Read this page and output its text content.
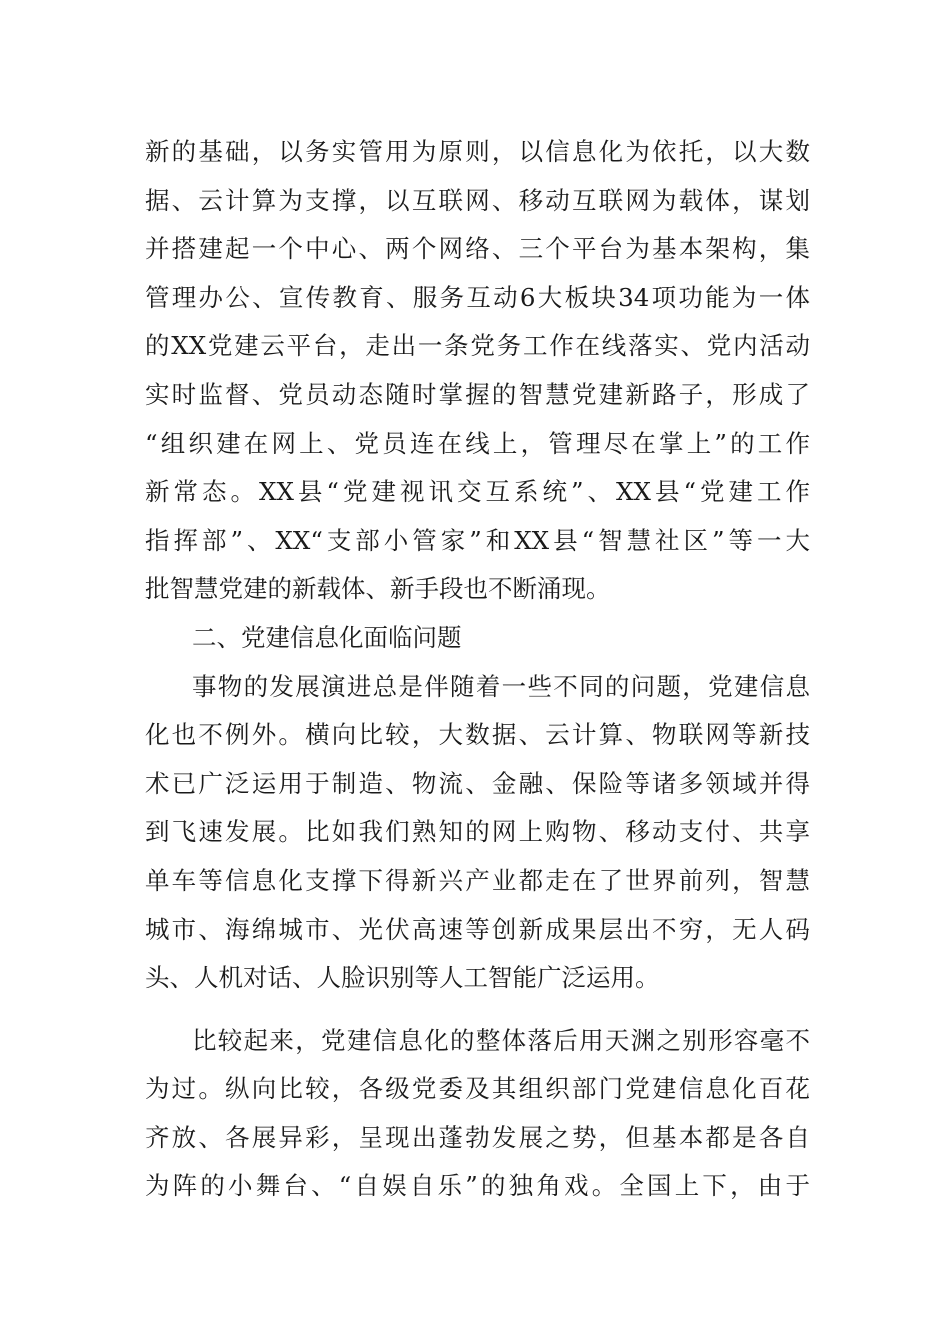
新的基础，以务实管用为原则，以信息化为依托，以大数
据、云计算为支撑，以互联网、移动互联网为载体，谋划
并搭建起一个中心、两个网络、三个平台为基本架构，集
管理办公、宣传教育、服务互动6大板块34项功能为一体
的XX党建云平台，走出一条党务工作在线落实、党内活动
实时监督、党员动态随时掌握的智慧党建新路子，形成了
“组织建在网上、党员连在线上，管理尽在掌上”的工作
新常态。XX县“党建视讯交互系统”、XX县“党建工作
指挥部”、XX“支部小管家”和XX县“智慧社区”等一大
批智慧党建的新载体、新手段也不断涌现。
二、党建信息化面临问题
事物的发展演进总是伴随着一些不同的问题，党建信息
化也不例外。横向比较，大数据、云计算、物联网等新技
术已广泛运用于制造、物流、金融、保险等诸多领域并得
到飞速发展。比如我们熟知的网上购物、移动支付、共享
单车等信息化支撑下得新兴产业都走在了世界前列，智慧
城市、海绵城市、光伏高速等创新成果层出不穷，无人码
头、人机对话、人脸识别等人工智能广泛运用。
比较起来，党建信息化的整体落后用天渊之别形容毫不
为过。纵向比较，各级党委及其组织部门党建信息化百花
齐放、各展异彩，呈现出蓬勃发展之势，但基本都是各自
为阵的小舞台、“自娱自乐”的独角戏。全国上下，由于
